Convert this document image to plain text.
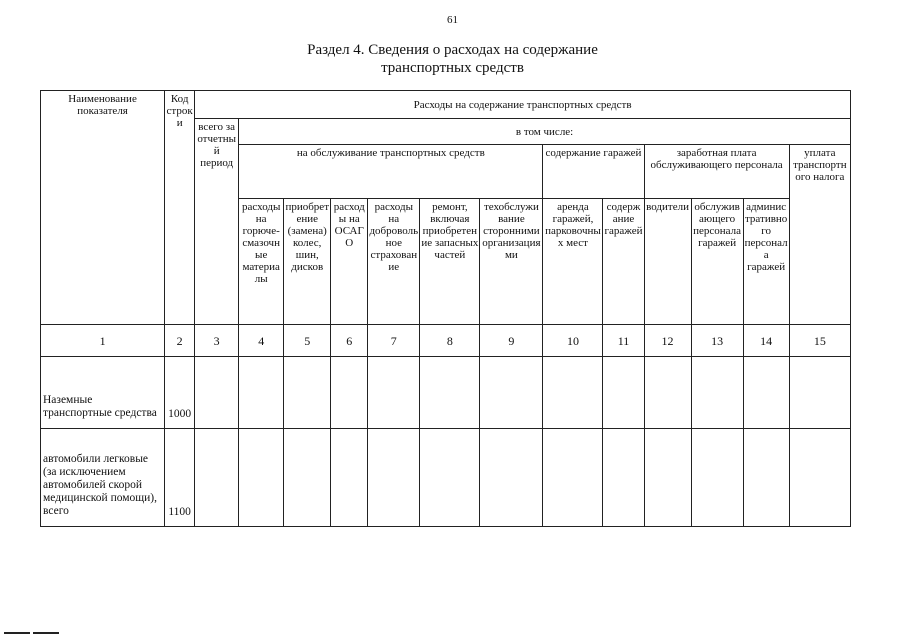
61
Раздел 4. Сведения о расходах на содержание
транспортных средств
Наименование показателя	Код строки	Расходы на содержание транспортных средств												
		всего за отчетный период	в том числе:											
			на обслуживание транспортных средств						содержание гаражей		заработная плата обслуживающего персонала			уплата транспортного налога
			расходы на горюче-смазочные материалы	приобретение (замена) колес, шин, дисков	расходы на ОСАГО	расходы на добровольное страхование	ремонт, включая приобретение запасных частей	техобслуживание сторонними организациями	аренда гаражей, парковочных мест	содержание гаражей	водители	обслуживающего персонала гаражей	административного персонала гаражей	
1	2	3	4	5	6	7	8	9	10	11	12	13	14	15
Наземные транспортные средства	1000													
автомобили легковые (за исключением автомобилей скорой медицинской помощи), всего	1100													
